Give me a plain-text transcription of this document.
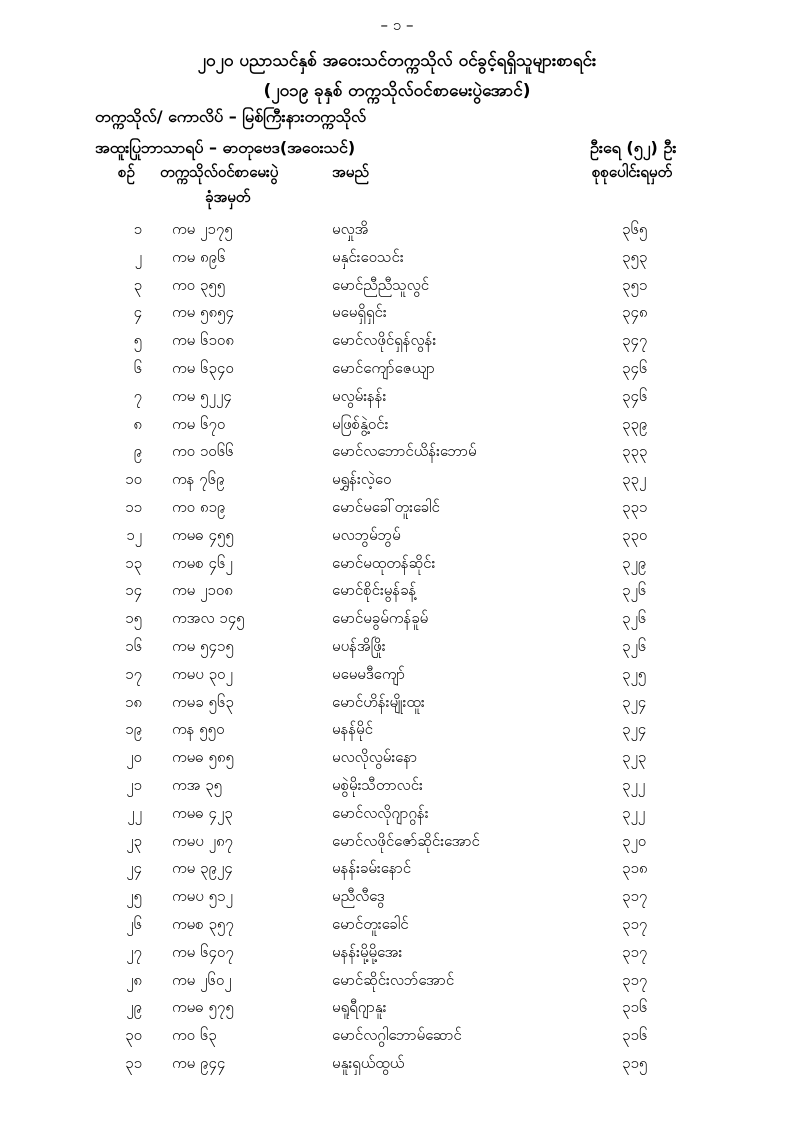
– ၁ –
၂၀၂၀ ပညာသင်နှစ် အဝေးသင်တက္ကသိုလ် ဝင်ခွင့်ရရှိသူများစာရင်း
(၂၀၁၉ ခုနှစ် တက္ကသိုလ်ဝင်စာမေးပွဲအောင်)
တက္ကသိုလ်/ ကောလိပ် – မြစ်ကြီးနားတက္ကသိုလ်
အထူးပြုဘာသာရပ် – ဓာတုဗေဒ(အဝေးသင်)	ဦးရေ (၅၂) ဦး
စဉ် တက္ကသိုလ်ဝင်စာမေးပွဲ
ခုံအမှတ်
အမည်	စုစုပေါင်းရမှတ်
၁ ကမ ၂၁၇၅	မလှုအိ	၃၆၅
၂ ကမ ၈၉၆	မနှင်းဝေသင်း	၃၅၃
၃ ကဝ ၃၅၅	မောင်ညီညီသူလွင်	၃၅၁
၄ ကမ ၅၈၅၄	မမေရှိရှင်း	၃၄၈
၅ ကမ ၆၁၀၈	မောင်လဖိုင်ရှန်လွန်း	၃၄၇
၆ ကမ ၆၃၄၀	မောင်ကျော်ဇေယျာ	၃၄၆
၇ ကမ ၅၂၂၄	မလွမ်းနန်း	၃၄၆
၈ ကမ ၆၇၀	မဖြစ်နွဲ့ဝင်း	၃၃၉
၉ ကဝ ၁၀၆၆	မောင်လဘောင်ယိန်းဘောမ်	၃၃၃
၁၀ ကန ၇၆၉	မရွှန်းလဲ့ဝေ	၃၃၂
၁၁ ကဝ ၈၁၉	မောင်မခေါ်တူးခေါင်	၃၃၁
၁၂ ကမဓ ၄၅၅	မလဘွမ်ဘွမ်	၃၃၀
၁၃ ကမစ ၄၆၂	မောင်မထုတန်ဆိုင်း	၃၂၉
၁၄ ကမ ၂၁၀၈	မောင်စိုင်းမွန်ခန့်	၃၂၆
၁၅ ကအလ ၁၄၅	မောင်မခွမ်ကန်ခူမ်	၃၂၆
၁၆ ကမ ၅၄၁၅	မပန်အိဖြိုး	၃၂၆
၁၇ ကမပ ၃၀၂	မမေမဒီကျော်	၃၂၅
၁၈ ကမခ ၅၆၃	မောင်ဟိန်းမျိုးထူး	၃၂၄
၁၉ ကန ၅၅၀	မနန်မိုင်	၃၂၄
၂၀ ကမဓ ၅၈၅	မလလိုလွမ်းနော	၃၂၃
၂၁ ကအ ၃၅	မစွဲမိုးသီတာလင်း	၃၂၂
၂၂ ကမဓ ၄၂၃	မောင်လလိုဂျာဂွန်း	၃၂၂
၂၃ ကမပ ၂၈၇	မောင်လဖိုင်ဇော်ဆိုင်းအောင်	၃၂၀
၂၄ ကမ ၃၉၂၄	မနန်းခမ်းနောင်	၃၁၈
၂၅ ကမပ ၅၁၂	မညီလီဒွေ	၃၁၇
၂၆ ကမစ ၃၅၇	မောင်တူးခေါင်	၃၁၇
၂၇ ကမ ၆၄၀၇	မနန်းမို့မို့အေး	၃၁၇
၂၈ ကမ ၂၆၀၂	မောင်ဆိုင်းလဘ်အောင်	၃၁၇
၂၉ ကမဓ ၅၇၅	မရူရီဂျာနူး	၃၁၆
၃၀ ကဝ ၆၃	မောင်လဂွါဘောမ်ဆောင်	၃၁၆
၃၁ ကမ ၉၄၄	မနူးရှယ်ထွယ်	၃၁၅
